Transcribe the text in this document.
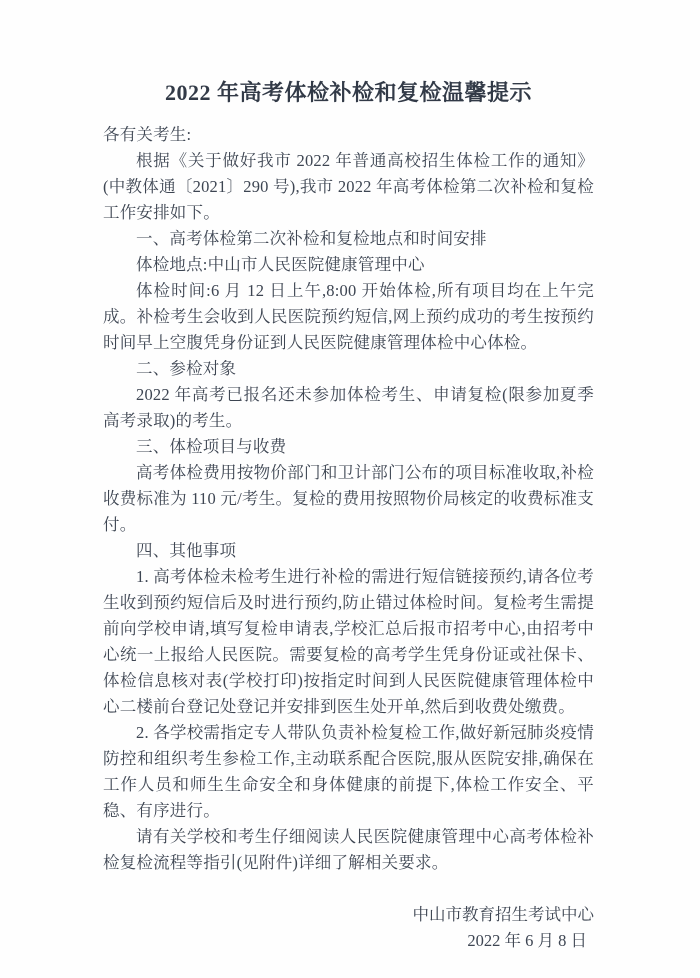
2022 年高考体检补检和复检温馨提示

各有关考生:

根据《关于做好我市 2022 年普通高校招生体检工作的通知》(中教体通〔2021〕290 号),我市 2022 年高考体检第二次补检和复检工作安排如下。

一、高考体检第二次补检和复检地点和时间安排

体检地点:中山市人民医院健康管理中心

体检时间:6 月 12 日上午,8:00 开始体检,所有项目均在上午完成。补检考生会收到人民医院预约短信,网上预约成功的考生按预约时间早上空腹凭身份证到人民医院健康管理体检中心体检。

二、参检对象

2022 年高考已报名还未参加体检考生、申请复检(限参加夏季高考录取)的考生。

三、体检项目与收费

高考体检费用按物价部门和卫计部门公布的项目标准收取,补检收费标准为 110 元/考生。复检的费用按照物价局核定的收费标准支付。

四、其他事项

1. 高考体检未检考生进行补检的需进行短信链接预约,请各位考生收到预约短信后及时进行预约,防止错过体检时间。复检考生需提前向学校申请,填写复检申请表,学校汇总后报市招考中心,由招考中心统一上报给人民医院。需要复检的高考学生凭身份证或社保卡、体检信息核对表(学校打印)按指定时间到人民医院健康管理体检中心二楼前台登记处登记并安排到医生处开单,然后到收费处缴费。

2. 各学校需指定专人带队负责补检复检工作,做好新冠肺炎疫情防控和组织考生参检工作,主动联系配合医院,服从医院安排,确保在工作人员和师生生命安全和身体健康的前提下,体检工作安全、平稳、有序进行。

请有关学校和考生仔细阅读人民医院健康管理中心高考体检补检复检流程等指引(见附件)详细了解相关要求。

中山市教育招生考试中心

2022 年 6 月 8 日
